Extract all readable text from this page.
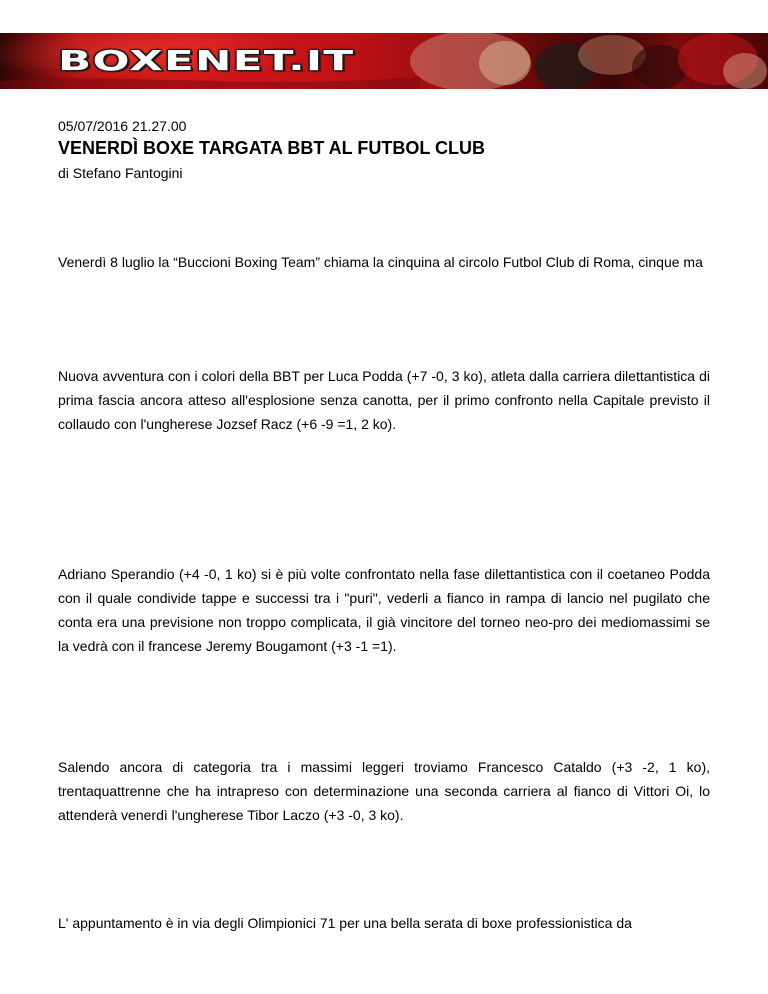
BOXENET.IT
05/07/2016 21.27.00
VENERDÌ BOXE TARGATA BBT AL FUTBOL CLUB
di Stefano Fantogini

Venerdì 8 luglio la “Buccioni Boxing Team” chiama la cinquina al circolo Futbol Club di Roma, cinque ma

Nuova avventura con i colori della BBT per Luca Podda (+7 -0, 3 ko), atleta dalla carriera dilettantistica di prima fascia ancora atteso all'esplosione senza canotta, per il primo confronto nella Capitale previsto il collaudo con l'ungherese Jozsef Racz (+6 -9 =1, 2 ko).

Adriano Sperandio (+4 -0, 1 ko) si è più volte confrontato nella fase dilettantistica con il coetaneo Podda con il quale condivide tappe e successi tra i "puri", vederli a fianco in rampa di lancio nel pugilato che conta era una previsione non troppo complicata, il già vincitore del torneo neo-pro dei mediomassimi se la vedrà con il francese Jeremy Bougamont (+3 -1 =1).

Salendo ancora di categoria tra i massimi leggeri troviamo Francesco Cataldo (+3 -2, 1 ko), trentaquattrenne che ha intrapreso con determinazione una seconda carriera al fianco di Vittori Oi, lo attenderà venerdì l'ungherese Tibor Laczo (+3 -0, 3 ko).

L' appuntamento è in via degli Olimpionici 71 per una bella serata di boxe professionistica da
